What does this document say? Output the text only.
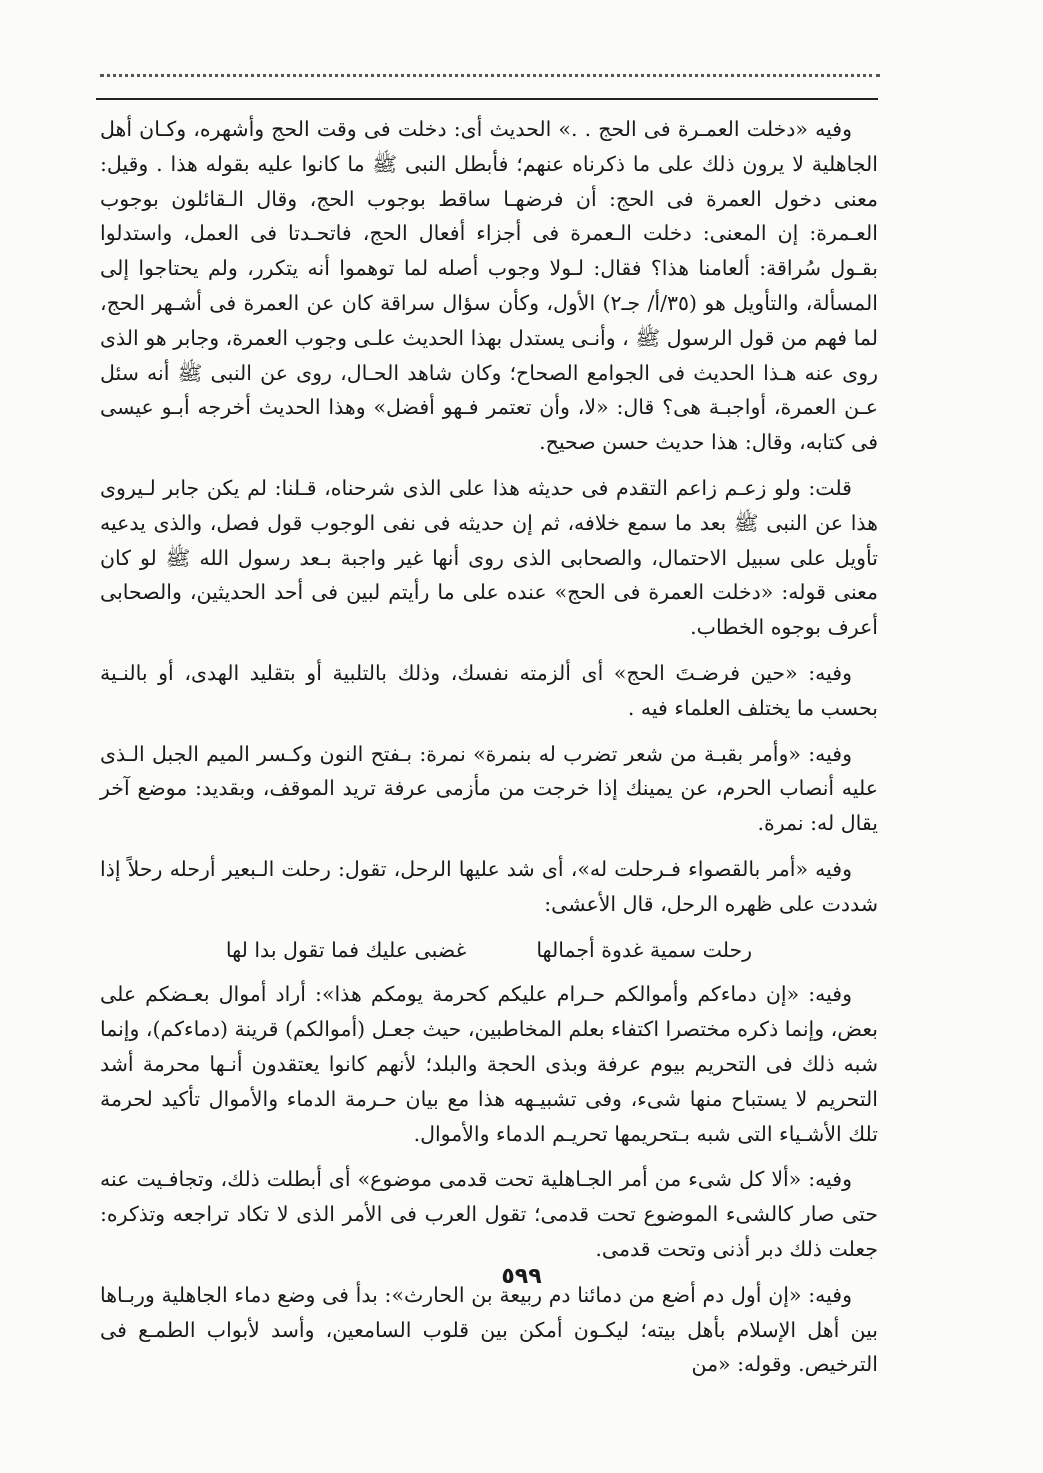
وفيه «دخلت العمـرة فى الحج . .» الحديث أى: دخلت فى وقت الحج وأشهره، وكـان أهل الجاهلية لا يرون ذلك على ما ذكرناه عنهم؛ فأبطل النبى ﷺ ما كانوا عليه بقوله هذا . وقيل: معنى دخول العمرة فى الحج: أن فرضهـا ساقط بوجوب الحج، وقال الـقائلون بوجوب العـمرة: إن المعنى: دخلت الـعمرة فى أجزاء أفعال الحج، فاتحـدتا فى العمل، واستدلوا بقـول سُراقة: ألعامنا هذا؟ فقال: لـولا وجوب أصله لما توهموا أنه يتكرر، ولم يحتاجوا إلى المسألة، والتأويل هو (٣٥/أ/ جـ٢) الأول، وكأن سؤال سراقة كان عن العمرة فى أشـهر الحج، لما فهم من قول الرسول ﷺ ، وأنـى يستدل بهذا الحديث علـى وجوب العمرة، وجابر هو الذى روى عنه هـذا الحديث فى الجوامع الصحاح؛ وكان شاهد الحـال، روى عن النبى ﷺ أنه سئل عـن العمرة، أواجبـة هى؟ قال: «لا، وأن تعتمر فـهو أفضل» وهذا الحديث أخرجه أبـو عيسى فى كتابه، وقال: هذا حديث حسن صحيح.

قلت: ولو زعـم زاعم التقدم فى حديثه هذا على الذى شرحناه، قـلنا: لم يكن جابر لـيروى هذا عن النبى ﷺ بعد ما سمع خلافه، ثم إن حديثه فى نفى الوجوب قول فصل، والذى يدعيه تأويل على سبيل الاحتمال، والصحابى الذى روى أنها غير واجبة بـعد رسول الله ﷺ لو كان معنى قوله: «دخلت العمرة فى الحج» عنده على ما رأيتم لبين فى أحد الحديثين، والصحابى أعرف بوجوه الخطاب.

وفيه: «حين فرضـتَ الحج» أى ألزمته نفسك، وذلك بالتلبية أو بتقليد الهدى، أو بالنـية بحسب ما يختلف العلماء فيه .

وفيه: «وأمر بقبـة من شعر تضرب له بنمرة» نمرة: بـفتح النون وكـسر الميم الجبل الـذى عليه أنصاب الحرم، عن يمينك إذا خرجت من مأزمى عرفة تريد الموقف، وبقديد: موضع آخر يقال له: نمرة.

وفيه «أمر بالقصواء فـرحلت له»، أى شد عليها الرحل، تقول: رحلت الـبعير أرحله رحلاً إذا شددت على ظهره الرحل، قال الأعشى:

رحلت سمية غدوة أجمالها
غضبى عليك فما تقول بدا لها

وفيه: «إن دماءكم وأموالكم حـرام عليكم كحرمة يومكم هذا»: أراد أموال بعـضكم على بعض، وإنما ذكره مختصرا اكتفاء بعلم المخاطبين، حيث جعـل (أموالكم) قرينة (دماءكم)، وإنما شبه ذلك فى التحريم بيوم عرفة وبذى الحجة والبلد؛ لأنهم كانوا يعتقدون أنـها محرمة أشد التحريم لا يستباح منها شىء، وفى تشبيـهه هذا مع بيان حـرمة الدماء والأموال تأكيد لحرمة تلك الأشـياء التى شبه بـتحريمها تحريـم الدماء والأموال.

وفيه: «ألا كل شىء من أمر الجـاهلية تحت قدمى موضوع» أى أبطلت ذلك، وتجافـيت عنه حتى صار كالشىء الموضوع تحت قدمى؛ تقول العرب فى الأمر الذى لا تكاد تراجعه وتذكره: جعلت ذلك دبر أذنى وتحت قدمى.

وفيه: «إن أول دم أضع من دمائنا دم ربيعة بن الحارث»: بدأ فى وضع دماء الجاهلية وربـاها بين أهل الإسلام بأهل بيته؛ ليكـون أمكن بين قلوب السامعين، وأسد لأبواب الطمـع فى الترخيص. وقوله: «من

٥٩٩
